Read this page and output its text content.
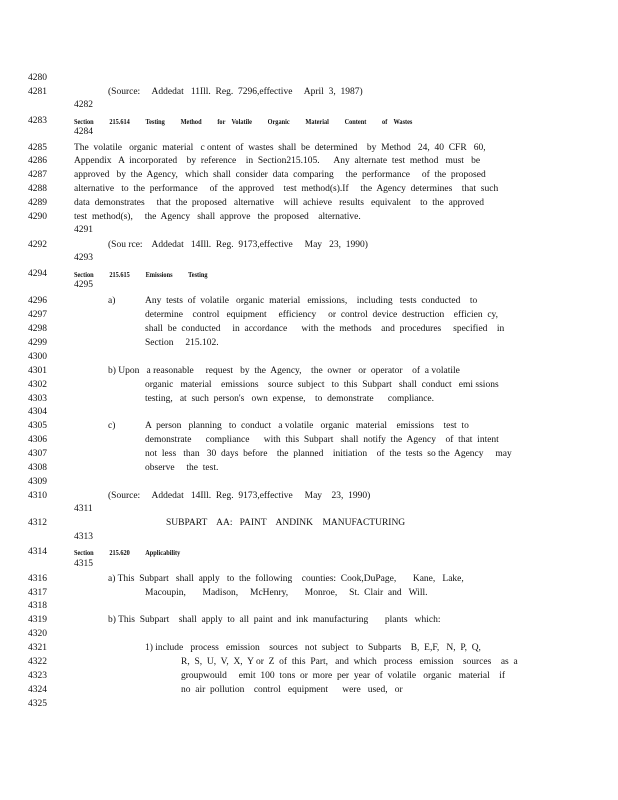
4280
4281	(Source:     Addedat   11Ill.  Reg.  7296,effective     April  3,  1987)
4282
4283	Section          215.614          Testing          Method          for    Volatile          Organic          Material          Content          of    Wastes
4284
4285	The  volatile   organic  material   c ontent  of  wastes  shall  be  determined    by  Method   24,  40  CFR   60,
4286	Appendix   A  incorporated    by  reference    in  Section215.105.      Any  alternate  test  method   must   be
4287	approved   by  the  Agency,   which  shall  consider  data  comparing     the  performance     of  the  proposed
4288	alternative   to  the  performance     of  the  approved    test  method(s).If     the  Agency  determines    that  such
4289	data  demonstrates     that  the  proposed   alternative    will  achieve   results   equivalent    to  the  approved
4290	test  method(s),     the  Agency   shall  approve   the  proposed    alternative.
4291
4292	(Sou rce:    Addedat   14Ill.  Reg.  9173,effective     May   23,  1990)
4293
4294	Section          215.615          Emissions          Testing
4295
4296	a)	Any  tests  of  volatile   organic  material   emissions,    including   tests  conducted    to
4297	determine    control   equipment     efficiency     or  control  device  destruction    efficien  cy,
4298	shall  be  conducted     in  accordance      with  the  methods    and  procedures     specified    in
4299	Section     215.102.
4300
4301	b) Upon   a reasonable     request   by  the  Agency,    the  owner   or  operator    of  a volatile
4302	organic   material    emissions    source  subject   to  this  Subpart   shall  conduct   emi ssions
4303	testing,   at  such  person's   own  expense,    to  demonstrate      compliance.
4304
4305	c)	A  person   planning   to  conduct   a volatile   organic   material    emissions    test  to
4306	demonstrate      compliance      with  this  Subpart   shall  notify  the  Agency    of  that  intent
4307	not  less   than   30  days  before    the  planned    initiation    of  the  tests  so the  Agency     may
4308	observe     the  test.
4309
4310	(Source:     Addedat   14Ill.  Reg.  9173,effective     May    23,  1990)
4311
4312	SUBPART    AA:   PAINT    ANDINK    MANUFACTURING
4313
4314	Section          215.620          Applicability
4315
4316	a) This  Subpart   shall  apply   to  the  following    counties:  Cook,DuPage,       Kane,   Lake,
4317	Macoupin,       Madison,     McHenry,       Monroe,     St.  Clair  and   Will.
4318
4319	b) This  Subpart    shall  apply  to  all  paint  and  ink  manufacturing       plants   which:
4320
4321	1) include   process   emission    sources   not  subject   to  Subparts    B,  E,F,   N,  P,  Q,
4322	R,  S,  U,  V,  X,  Y or  Z  of  this  Part,   and  which   process   emission    sources    as  a
4323	groupwould     emit  100  tons  or  more  per  year  of  volatile   organic   material    if
4324	no  air  pollution    control   equipment      were   used,   or
4325
